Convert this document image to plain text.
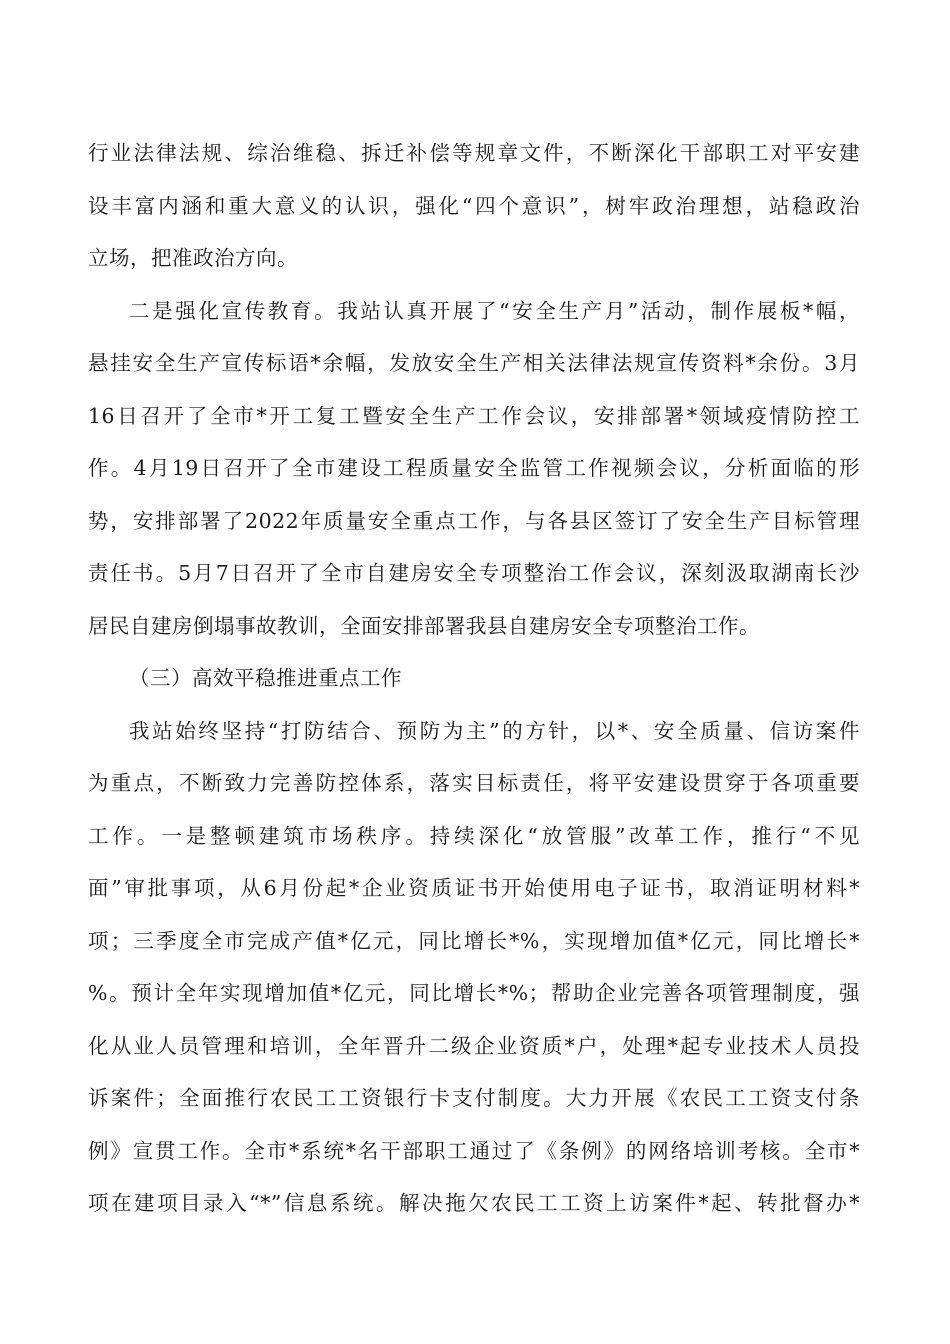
行业法律法规、综治维稳、拆迁补偿等规章文件，不断深化干部职工对平安建
设丰富内涵和重大意义的认识，强化“四个意识”，树牢政治理想，站稳政治
立场，把准政治方向。
二是强化宣传教育。我站认真开展了“安全生产月”活动，制作展板*幅，
悬挂安全生产宣传标语*余幅，发放安全生产相关法律法规宣传资料*余份。3月
16日召开了全市*开工复工暨安全生产工作会议，安排部署*领域疫情防控工
作。4月19日召开了全市建设工程质量安全监管工作视频会议，分析面临的形
势，安排部署了2022年质量安全重点工作，与各县区签订了安全生产目标管理
责任书。5月7日召开了全市自建房安全专项整治工作会议，深刻汲取湖南长沙
居民自建房倒塌事故教训，全面安排部署我县自建房安全专项整治工作。
（三）高效平稳推进重点工作
我站始终坚持“打防结合、预防为主”的方针，以*、安全质量、信访案件
为重点，不断致力完善防控体系，落实目标责任，将平安建设贯穿于各项重要
工作。一是整顿建筑市场秩序。持续深化“放管服”改革工作，推行“不见
面”审批事项，从6月份起*企业资质证书开始使用电子证书，取消证明材料*
项；三季度全市完成产值*亿元，同比增长*%，实现增加值*亿元，同比增长*
%。预计全年实现增加值*亿元，同比增长*%；帮助企业完善各项管理制度，强
化从业人员管理和培训，全年晋升二级企业资质*户，处理*起专业技术人员投
诉案件；全面推行农民工工资银行卡支付制度。大力开展《农民工工资支付条
例》宣贯工作。全市*系统*名干部职工通过了《条例》的网络培训考核。全市*
项在建项目录入“*”信息系统。解决拖欠农民工工资上访案件*起、转批督办*
